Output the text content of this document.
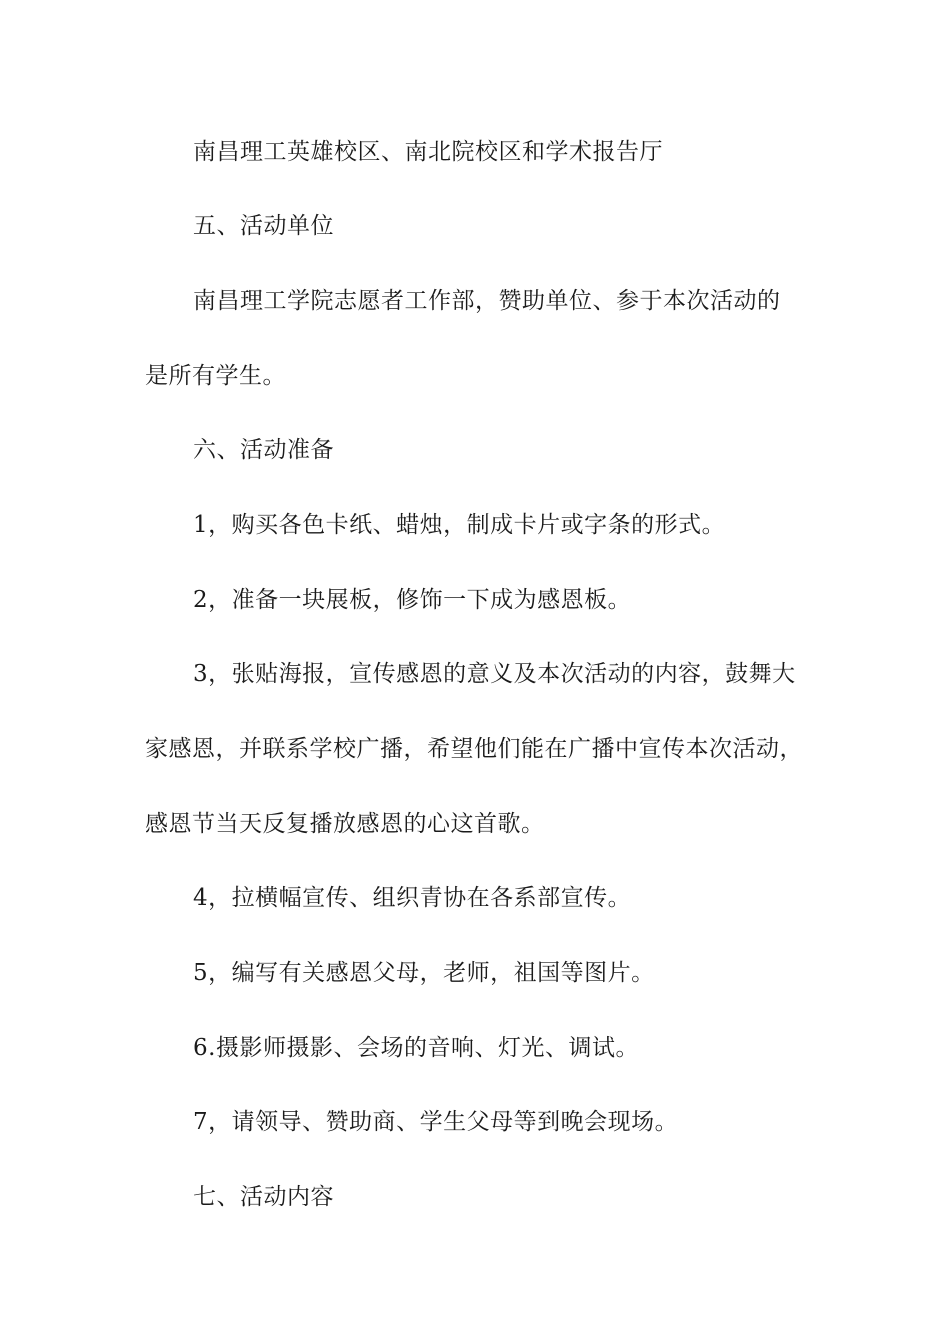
南昌理工英雄校区、南北院校区和学术报告厅
五、活动单位
南昌理工学院志愿者工作部，赞助单位、参于本次活动的
是所有学生。
六、活动准备
1，购买各色卡纸、蜡烛，制成卡片或字条的形式。
2，准备一块展板，修饰一下成为感恩板。
3，张贴海报，宣传感恩的意义及本次活动的内容，鼓舞大
家感恩，并联系学校广播，希望他们能在广播中宣传本次活动，
感恩节当天反复播放感恩的心这首歌。
4，拉横幅宣传、组织青协在各系部宣传。
5，编写有关感恩父母，老师，祖国等图片。
6.摄影师摄影、会场的音响、灯光、调试。
7，请领导、赞助商、学生父母等到晚会现场。
七、活动内容
